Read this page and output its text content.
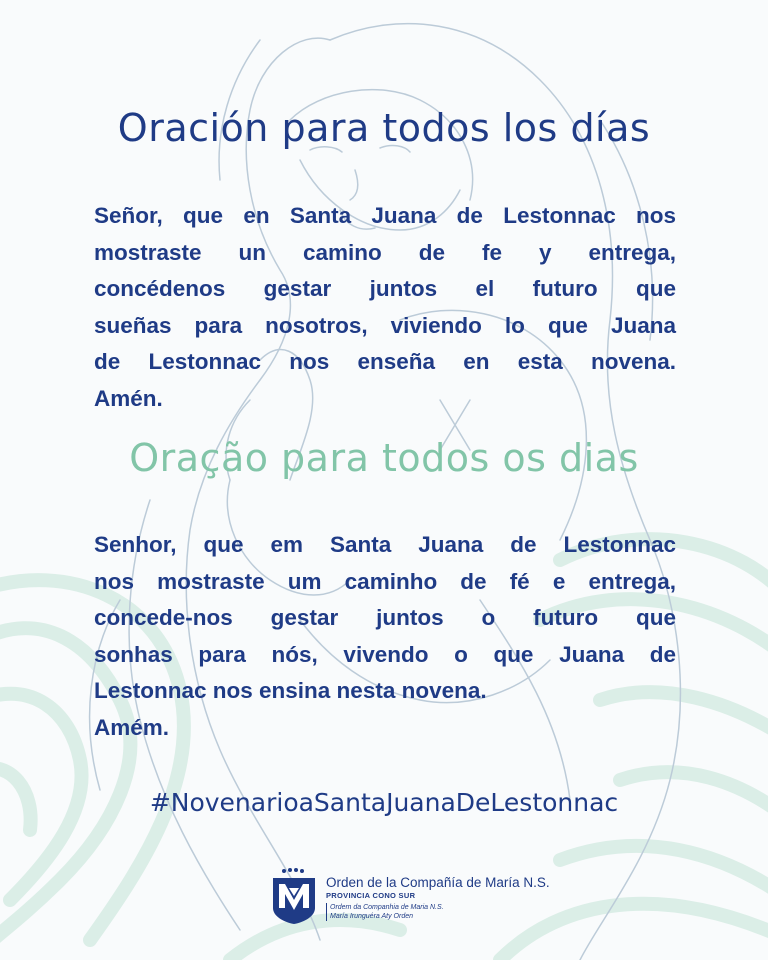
Oración para todos los días

Señor, que en Santa Juana de Lestonnac nos
mostraste un camino de fe y entrega,
concédenos gestar juntos el futuro que
sueñas para nosotros, viviendo lo que Juana
de Lestonnac nos enseña en esta novena.
Amén.

Oração para todos os dias

Senhor, que em Santa Juana de Lestonnac
nos mostraste um caminho de fé e entrega,
concede-nos gestar juntos o futuro que
sonhas para nós, vivendo o que Juana de
Lestonnac nos ensina nesta novena.
Amém.

#NovenarioaSantaJuanaDeLestonnac

Orden de la Compañía de María N.S.
PROVINCIA CONO SUR
Ordem da Companhia de Maria N.S.
María Irunguéra Aty Orden
